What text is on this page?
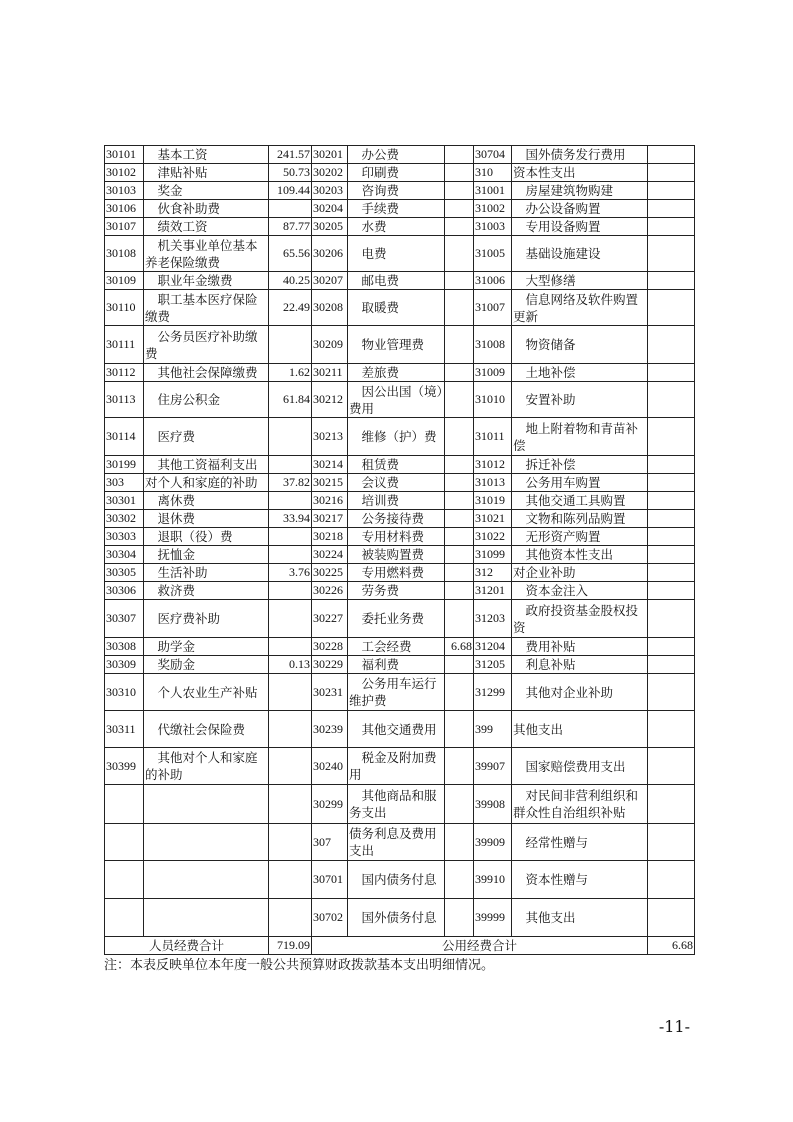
30101	基本工资	241.57	30201	办公费		30704	国外债务发行费用	
30102	津贴补贴	50.73	30202	印刷费		310	资本性支出	
30103	奖金	109.44	30203	咨询费		31001	房屋建筑物购建	
30106	伙食补助费		30204	手续费		31002	办公设备购置	
30107	绩效工资	87.77	30205	水费		31003	专用设备购置	
30108	机关事业单位基本养老保险缴费	65.56	30206	电费		31005	基础设施建设	
30109	职业年金缴费	40.25	30207	邮电费		31006	大型修缮	
30110	职工基本医疗保险缴费	22.49	30208	取暖费		31007	信息网络及软件购置更新	
30111	公务员医疗补助缴费		30209	物业管理费		31008	物资储备	
30112	其他社会保障缴费	1.62	30211	差旅费		31009	土地补偿	
30113	住房公积金	61.84	30212	因公出国（境）费用		31010	安置补助	
30114	医疗费		30213	维修（护）费		31011	地上附着物和青苗补偿	
30199	其他工资福利支出		30214	租赁费		31012	拆迁补偿	
303	对个人和家庭的补助	37.82	30215	会议费		31013	公务用车购置	
30301	离休费		30216	培训费		31019	其他交通工具购置	
30302	退休费	33.94	30217	公务接待费		31021	文物和陈列品购置	
30303	退职（役）费		30218	专用材料费		31022	无形资产购置	
30304	抚恤金		30224	被装购置费		31099	其他资本性支出	
30305	生活补助	3.76	30225	专用燃料费		312	对企业补助	
30306	救济费		30226	劳务费		31201	资本金注入	
30307	医疗费补助		30227	委托业务费		31203	政府投资基金股权投资	
30308	助学金		30228	工会经费	6.68	31204	费用补贴	
30309	奖励金	0.13	30229	福利费		31205	利息补贴	
30310	个人农业生产补贴		30231	公务用车运行维护费		31299	其他对企业补助	
30311	代缴社会保险费		30239	其他交通费用		399	其他支出	
30399	其他对个人和家庭的补助		30240	税金及附加费用		39907	国家赔偿费用支出	
			30299	其他商品和服务支出		39908	对民间非营利组织和群众性自治组织补贴	
			307	债务利息及费用支出		39909	经常性赠与	
			30701	国内债务付息		39910	资本性赠与	
			30702	国外债务付息		39999	其他支出	
人员经费合计		719.09	公用经费合计					6.68
注：本表反映单位本年度一般公共预算财政拨款基本支出明细情况。
-11-
